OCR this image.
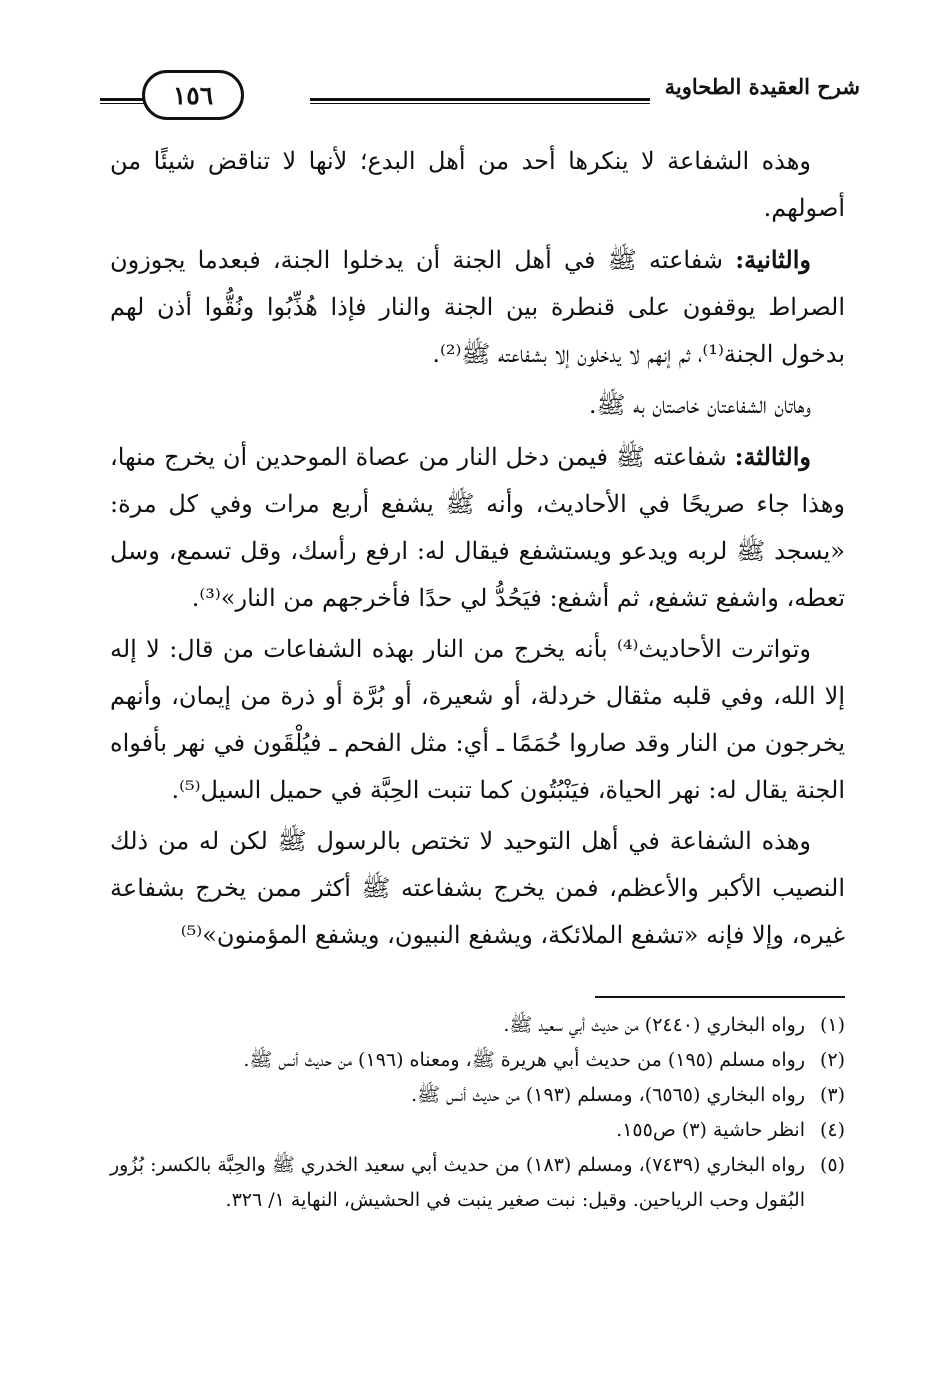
شرح العقيدة الطحاوية
١٥٦

وهذه الشفاعة لا ينكرها أحد من أهل البدع؛ لأنها لا تناقض شيئًا من أصولهم.

والثانية: شفاعته ﷺ في أهل الجنة أن يدخلوا الجنة، فبعدما يجوزون الصراط يوقفون على قنطرة بين الجنة والنار فإذا هُذِّبُوا ونُقُّوا أذن لهم بدخول الجنة⁽¹⁾، ثم إنهم لا يدخلون إلا بشفاعته ﷺ⁽²⁾.

وهاتان الشفاعتان خاصتان به ﷺ.

والثالثة: شفاعته ﷺ فيمن دخل النار من عصاة الموحدين أن يخرج منها، وهذا جاء صريحًا في الأحاديث، وأنه ﷺ يشفع أربع مرات وفي كل مرة: «يسجد ﷺ لربه ويدعو ويستشفع فيقال له: ارفع رأسك، وقل تسمع، وسل تعطه، واشفع تشفع، ثم أشفع: فيَحُدُّ لي حدًا فأخرجهم من النار»⁽³⁾.

وتواترت الأحاديث⁽⁴⁾ بأنه يخرج من النار بهذه الشفاعات من قال: لا إله إلا الله، وفي قلبه مثقال خردلة، أو شعيرة، أو بُرَّة أو ذرة من إيمان، وأنهم يخرجون من النار وقد صاروا حُمَمًا ـ أي: مثل الفحم ـ فيُلْقَون في نهر بأفواه الجنة يقال له: نهر الحياة، فيَنْبُتُون كما تنبت الحِبَّة في حميل السيل⁽⁵⁾.

وهذه الشفاعة في أهل التوحيد لا تختص بالرسول ﷺ لكن له من ذلك النصيب الأكبر والأعظم، فمن يخرج بشفاعته ﷺ أكثر ممن يخرج بشفاعة غيره، وإلا فإنه «تشفع الملائكة، ويشفع النبيون، ويشفع المؤمنون»⁽⁵⁾

(١)
رواه البخاري (٢٤٤٠) من حديث أبي سعيد ﷺ.

(٢)
رواه مسلم (١٩٥) من حديث أبي هريرة ﷺ، ومعناه (١٩٦) من حديث أنس ﷺ.

(٣)
رواه البخاري (٦٥٦٥)، ومسلم (١٩٣) من حديث أنس ﷺ.

(٤)
انظر حاشية (٣) ص١٥٥.

(٥)
رواه البخاري (٧٤٣٩)، ومسلم (١٨٣) من حديث أبي سعيد الخدري ﷺ والحِبَّة بالكسر: بُزُور البُقول وحب الرياحين. وقيل: نبت صغير ينبت في الحشيش، النهاية ١/ ٣٢٦.
